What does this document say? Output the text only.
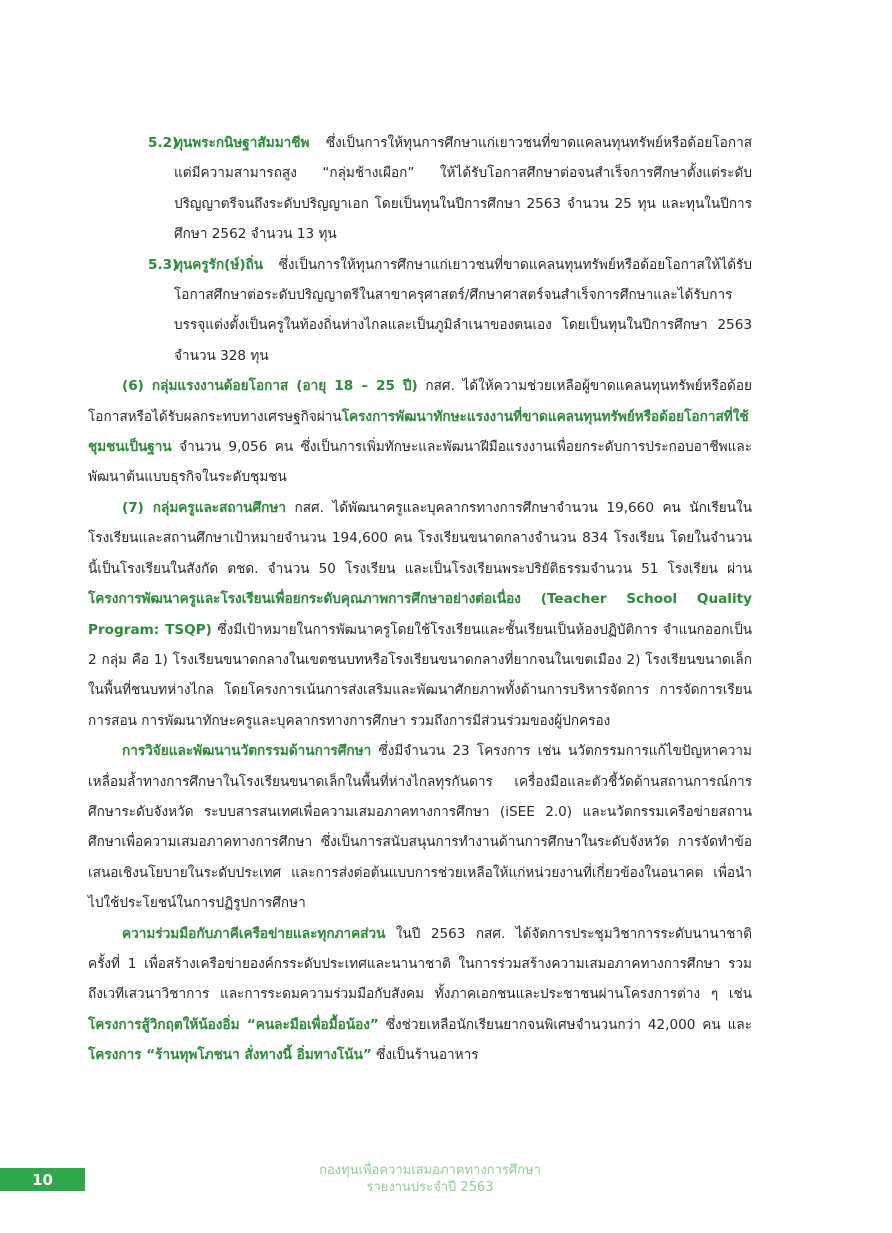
5.2)

ทุนพระกนิษฐาสัมมาชีพ ซึ่งเป็นการให้ทุนการศึกษาแก่เยาวชนที่ขาดแคลนทุนทรัพย์หรือด้อยโอกาสแต่มีความสามารถสูง “กลุ่มช้างเผือก” ให้ได้รับโอกาสศึกษาต่อจนสำเร็จการศึกษาตั้งแต่ระดับปริญญาตรีจนถึงระดับปริญญาเอก โดยเป็นทุนในปีการศึกษา 2563 จำนวน 25 ทุน และทุนในปีการศึกษา 2562 จำนวน 13 ทุน

5.3)

ทุนครูรัก(ษ์)ถิ่น ซึ่งเป็นการให้ทุนการศึกษาแก่เยาวชนที่ขาดแคลนทุนทรัพย์หรือด้อยโอกาสให้ได้รับโอกาสศึกษาต่อระดับปริญญาตรีในสาขาครุศาสตร์/ศึกษาศาสตร์จนสำเร็จการศึกษาและได้รับการบรรจุแต่งตั้งเป็นครูในท้องถิ่นห่างไกลและเป็นภูมิลำเนาของตนเอง โดยเป็นทุนในปีการศึกษา 2563 จำนวน 328 ทุน

(6) กลุ่มแรงงานด้อยโอกาส (อายุ 18 – 25 ปี) กสศ. ได้ให้ความช่วยเหลือผู้ขาดแคลนทุนทรัพย์หรือด้อยโอกาสหรือได้รับผลกระทบทางเศรษฐกิจผ่านโครงการพัฒนาทักษะแรงงานที่ขาดแคลนทุนทรัพย์หรือด้อยโอกาสที่ใช้ชุมชนเป็นฐาน จำนวน 9,056 คน ซึ่งเป็นการเพิ่มทักษะและพัฒนาฝีมือแรงงานเพื่อยกระดับการประกอบอาชีพและพัฒนาต้นแบบธุรกิจในระดับชุมชน

(7) กลุ่มครูและสถานศึกษา กสศ. ได้พัฒนาครูและบุคลากรทางการศึกษาจำนวน 19,660 คน นักเรียนในโรงเรียนและสถานศึกษาเป้าหมายจำนวน 194,600 คน โรงเรียนขนาดกลางจำนวน 834 โรงเรียน โดยในจำนวนนี้เป็นโรงเรียนในสังกัด ตชด. จำนวน 50 โรงเรียน และเป็นโรงเรียนพระปริยัติธรรมจำนวน 51 โรงเรียน ผ่านโครงการพัฒนาครูและโรงเรียนเพื่อยกระดับคุณภาพการศึกษาอย่างต่อเนื่อง (Teacher School Quality Program: TSQP) ซึ่งมีเป้าหมายในการพัฒนาครูโดยใช้โรงเรียนและชั้นเรียนเป็นห้องปฏิบัติการ จำแนกออกเป็น 2 กลุ่ม คือ 1) โรงเรียนขนาดกลางในเขตชนบทหรือโรงเรียนขนาดกลางที่ยากจนในเขตเมือง 2) โรงเรียนขนาดเล็กในพื้นที่ชนบทห่างไกล โดยโครงการเน้นการส่งเสริมและพัฒนาศักยภาพทั้งด้านการบริหารจัดการ การจัดการเรียนการสอน การพัฒนาทักษะครูและบุคลากรทางการศึกษา รวมถึงการมีส่วนร่วมของผู้ปกครอง

การวิจัยและพัฒนานวัตกรรมด้านการศึกษา ซึ่งมีจำนวน 23 โครงการ เช่น นวัตกรรมการแก้ไขปัญหาความเหลื่อมล้ำทางการศึกษาในโรงเรียนขนาดเล็กในพื้นที่ห่างไกลทุรกันดาร เครื่องมือและตัวชี้วัดด้านสถานการณ์การศึกษาระดับจังหวัด ระบบสารสนเทศเพื่อความเสมอภาคทางการศึกษา (iSEE 2.0) และนวัตกรรมเครือข่ายสถานศึกษาเพื่อความเสมอภาคทางการศึกษา ซึ่งเป็นการสนับสนุนการทำงานด้านการศึกษาในระดับจังหวัด การจัดทำข้อเสนอเชิงนโยบายในระดับประเทศ และการส่งต่อต้นแบบการช่วยเหลือให้แก่หน่วยงานที่เกี่ยวข้องในอนาคต เพื่อนำไปใช้ประโยชน์ในการปฏิรูปการศึกษา

ความร่วมมือกับภาคีเครือข่ายและทุกภาคส่วน ในปี 2563 กสศ. ได้จัดการประชุมวิชาการระดับนานาชาติ ครั้งที่ 1 เพื่อสร้างเครือข่ายองค์กรระดับประเทศและนานาชาติ ในการร่วมสร้างความเสมอภาคทางการศึกษา รวมถึงเวทีเสวนาวิชาการ และการระดมความร่วมมือกับสังคม ทั้งภาคเอกชนและประชาชนผ่านโครงการต่าง ๆ เช่น โครงการสู้วิกฤตให้น้องอิ่ม “คนละมือเพื่อมื้อน้อง” ซึ่งช่วยเหลือนักเรียนยากจนพิเศษจำนวนกว่า 42,000 คน และ โครงการ “ร้านทุพโภชนา สั่งทางนี้ อิ่มทางโน้น” ซึ่งเป็นร้านอาหาร

10	กองทุนเพื่อความเสมอภาคทางการศึกษา
รายงานประจำปี 2563
